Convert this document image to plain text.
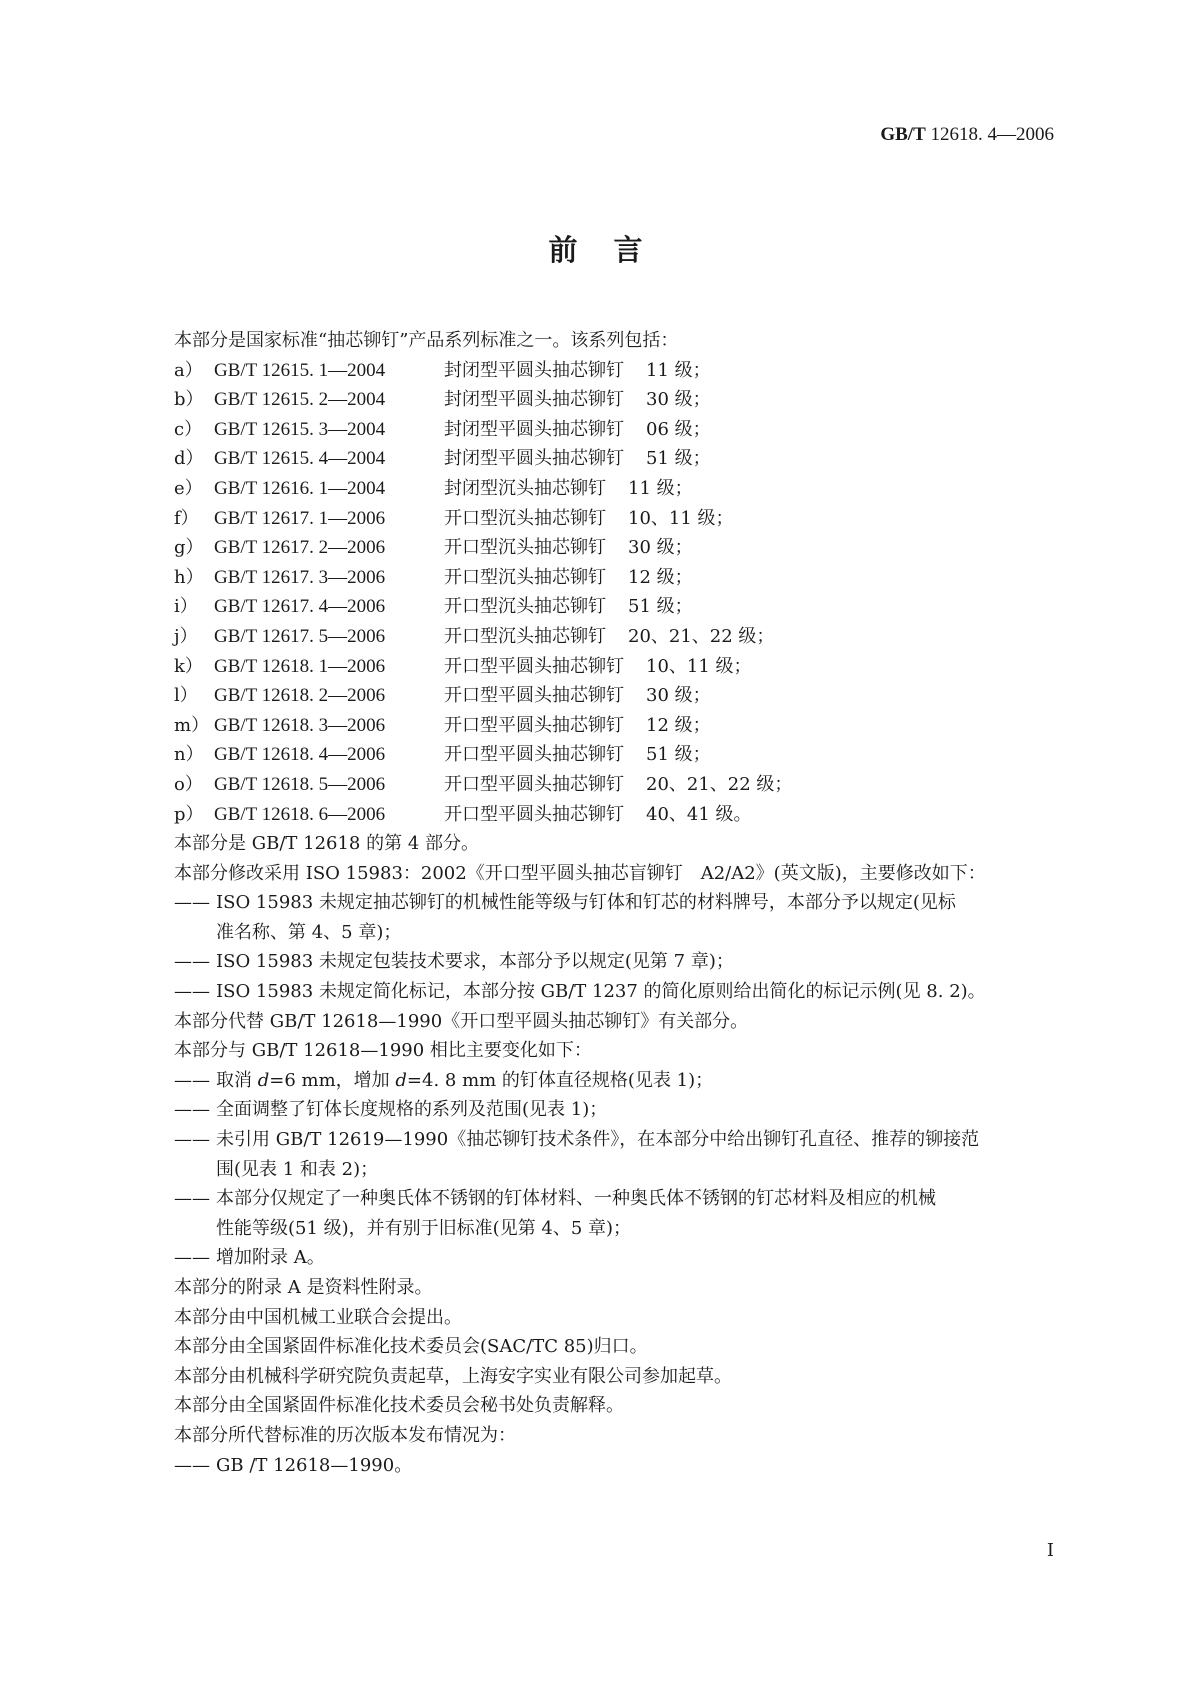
GB/T 12618. 4—2006
前言
本部分是国家标准“抽芯铆钉”产品系列标准之一。该系列包括：
a） GB/T 12615. 1—2004	封闭型平圆头抽芯铆钉 11 级；
b） GB/T 12615. 2—2004	封闭型平圆头抽芯铆钉 30 级；
c） GB/T 12615. 3—2004	封闭型平圆头抽芯铆钉 06 级；
d） GB/T 12615. 4—2004	封闭型平圆头抽芯铆钉 51 级；
e） GB/T 12616. 1—2004	封闭型沉头抽芯铆钉 11 级；
f） GB/T 12617. 1—2006	开口型沉头抽芯铆钉 10、11 级；
g） GB/T 12617. 2—2006	开口型沉头抽芯铆钉 30 级；
h） GB/T 12617. 3—2006	开口型沉头抽芯铆钉 12 级；
i） GB/T 12617. 4—2006	开口型沉头抽芯铆钉 51 级；
j） GB/T 12617. 5—2006	开口型沉头抽芯铆钉 20、21、22 级；
k） GB/T 12618. 1—2006	开口型平圆头抽芯铆钉 10、11 级；
l） GB/T 12618. 2—2006	开口型平圆头抽芯铆钉 30 级；
m） GB/T 12618. 3—2006	开口型平圆头抽芯铆钉 12 级；
n） GB/T 12618. 4—2006	开口型平圆头抽芯铆钉 51 级；
o） GB/T 12618. 5—2006	开口型平圆头抽芯铆钉 20、21、22 级；
p） GB/T 12618. 6—2006	开口型平圆头抽芯铆钉 40、41 级。
本部分是 GB/T 12618 的第 4 部分。
本部分修改采用 ISO 15983：2002《开口型平圆头抽芯盲铆钉　A2/A2》(英文版)，主要修改如下：
—— ISO 15983 未规定抽芯铆钉的机械性能等级与钉体和钉芯的材料牌号，本部分予以规定(见标
准名称、第 4、5 章)；
—— ISO 15983 未规定包装技术要求，本部分予以规定(见第 7 章)；
—— ISO 15983 未规定简化标记，本部分按 GB/T 1237 的简化原则给出简化的标记示例(见 8. 2)。
本部分代替 GB/T 12618—1990《开口型平圆头抽芯铆钉》有关部分。
本部分与 GB/T 12618—1990 相比主要变化如下：
—— 取消 d=6 mm，增加 d=4. 8 mm 的钉体直径规格(见表 1)；
—— 全面调整了钉体长度规格的系列及范围(见表 1)；
—— 未引用 GB/T 12619—1990《抽芯铆钉技术条件》，在本部分中给出铆钉孔直径、推荐的铆接范
围(见表 1 和表 2)；
—— 本部分仅规定了一种奥氏体不锈钢的钉体材料、一种奥氏体不锈钢的钉芯材料及相应的机械
性能等级(51 级)，并有别于旧标准(见第 4、5 章)；
—— 增加附录 A。
本部分的附录 A 是资料性附录。
本部分由中国机械工业联合会提出。
本部分由全国紧固件标准化技术委员会(SAC/TC 85)归口。
本部分由机械科学研究院负责起草，上海安字实业有限公司参加起草。
本部分由全国紧固件标准化技术委员会秘书处负责解释。
本部分所代替标准的历次版本发布情况为：
—— GB /T 12618—1990。
I
